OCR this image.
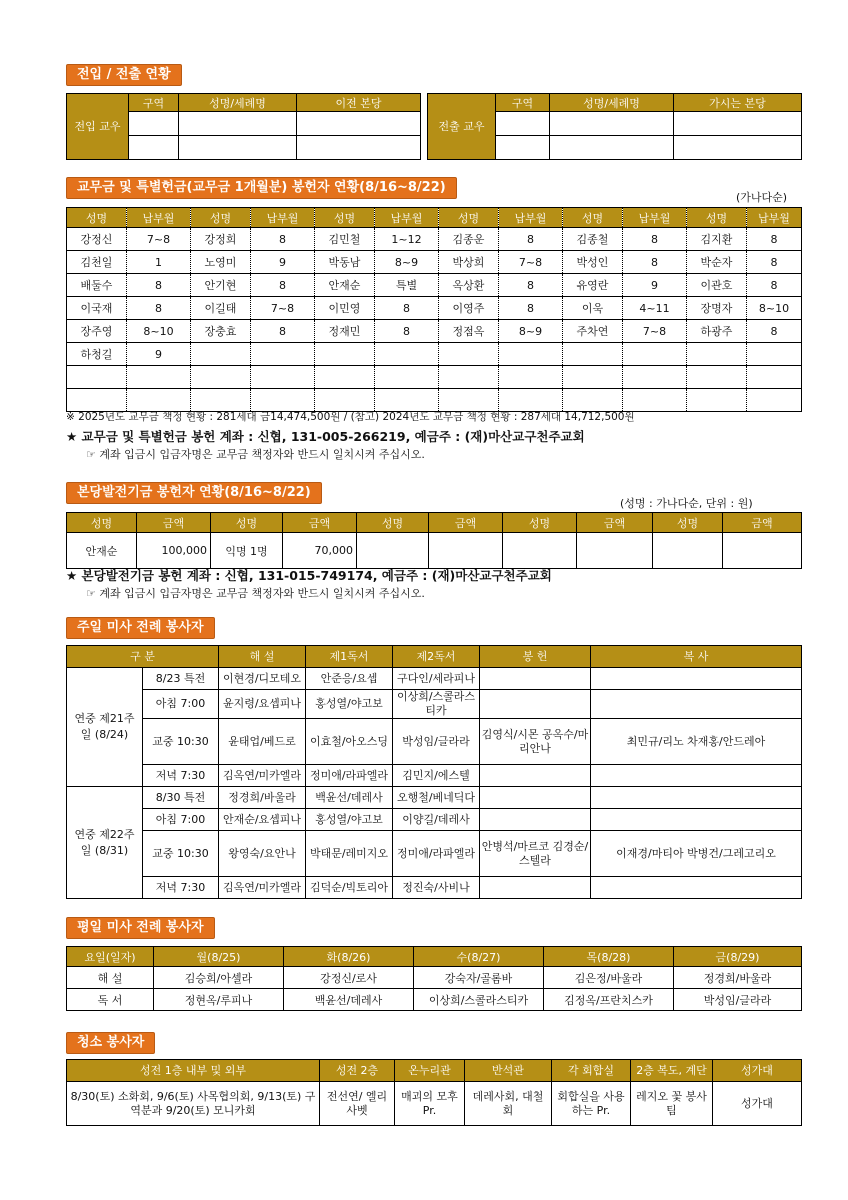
전입 / 전출 연황
전입 교우	구역	성명/세례명	이전 본당

전출 교우	구역	성명/세례명	가시는 본당

교무금 및 특별헌금(교무금 1개월분) 봉헌자 연황(8/16~8/22)
(가나다순)
성명	납부월	성명	납부월	성명	납부월	성명	납부월	성명	납부월	성명	납부월
강정신	7~8	강정희	8	김민철	1~12	김종운	8	김종철	8	김지환	8
김천일	1	노영미	9	박동남	8~9	박상희	7~8	박성인	8	박순자	8
배둘수	8	안기현	8	안재순	특별	옥상환	8	유영란	9	이관호	8
이국재	8	이길태	7~8	이민영	8	이영주	8	이욱	4~11	장명자	8~10
장주영	8~10	장충효	8	정재민	8	정점옥	8~9	주차연	7~8	하광주	8
하청길	9										

※ 2025년도 교무금 책정 현황 : 281세대 금14,474,500원 / (참고) 2024년도 교무금 책정 현황 : 287세대 14,712,500원
★ 교무금 및 특별헌금 봉헌 계좌 : 신협, 131-005-266219, 예금주 : (재)마산교구천주교회
☞ 계좌 입금시 입금자명은 교무금 책정자와 반드시 일치시켜 주십시오.
본당발전기금 봉헌자 연황(8/16~8/22)
(성명 : 가나다순, 단위 : 원)
성명	금액	성명	금액	성명	금액	성명	금액	성명	금액
안재순	100,000	익명 1명	70,000						
★ 본당발전기금 봉헌 계좌 : 신협, 131-015-749174, 예금주 : (재)마산교구천주교회
☞ 계좌 입금시 입금자명은 교무금 책정자와 반드시 일치시켜 주십시오.
주일 미사 전례 봉사자
구 분		해 설	제1독서	제2독서	봉 헌	복 사
연중 제21주일 (8/24)	8/23 특전	이현경/디모테오	안준응/요셉	구다인/세라피나		
	아침 7:00	윤지령/요셉피나	홍성열/야고보	이상희/스콜라스티카		
	교중 10:30	윤태업/베드로	이효철/아오스딩	박성임/글라라	김영식/시몬 공옥수/마리안나	최민규/리노 차재홍/안드레아
	저녁 7:30	김옥연/미카엘라	정미애/라파엘라	김민지/에스텔		
연중 제22주일 (8/31)	8/30 특전	정경희/바울라	백윤선/데레사	오행철/베네딕다		
	아침 7:00	안재순/요셉피나	홍성열/야고보	이양길/데레사		
	교중 10:30	왕영숙/요안나	박태문/레미지오	정미애/라파엘라	안병석/마르코 김경순/스텔라	이재경/마티아 박병건/그레고리오
	저녁 7:30	김옥연/미카엘라	김덕순/빅토리아	정진숙/사비나		
평일 미사 전례 봉사자
요일(일자)	월(8/25)	화(8/26)	수(8/27)	목(8/28)	금(8/29)
해 설	김승희/아셀라	강정신/로사	강숙자/골롬바	김은정/바울라	정경희/바울라
독 서	정현옥/루피나	백윤선/데레사	이상희/스콜라스티카	김정옥/프란치스카	박성임/글라라
청소 봉사자
성전 1층 내부 및 외부	성전 2층	온누리관	반석관	각 회합실	2층 복도, 계단	성가대
8/30(토) 소화회, 9/6(토) 사목협의회, 9/13(토) 구역분과 9/20(토) 모니카회	전선연/ 엘리사벳	매괴의 모후 Pr.	데레사회, 대철회	회합실을 사용하는 Pr.	레지오 꽃 봉사팀	성가대
